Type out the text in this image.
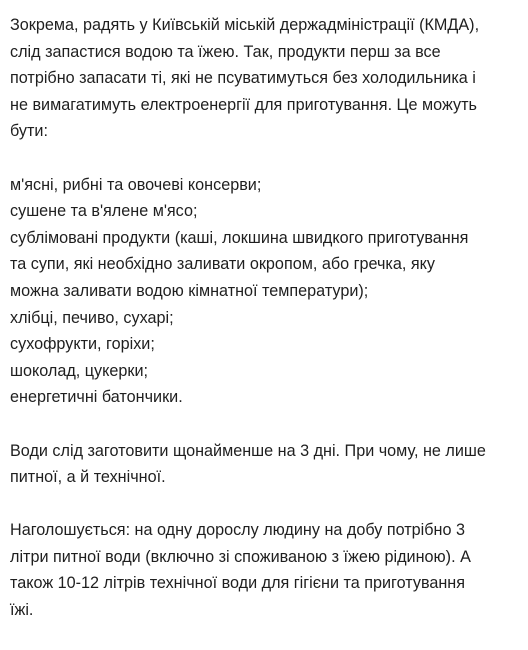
Зокрема, радять у Київській міській держадміністрації (КМДА),
слід запастися водою та їжею. Так, продукти перш за все
потрібно запасати ті, які не псуватимуться без холодильника і
не вимагатимуть електроенергії для приготування. Це можуть
бути:

м'ясні, рибні та овочеві консерви;
сушене та в'ялене м'ясо;
сублімовані продукти (каші, локшина швидкого приготування
та супи, які необхідно заливати окропом, або гречка, яку
можна заливати водою кімнатної температури);
хлібці, печиво, сухарі;
сухофрукти, горіхи;
шоколад, цукерки;
енергетичні батончики.

Води слід заготовити щонайменше на 3 дні. При чому, не лише
питної, а й технічної.

Наголошується: на одну дорослу людину на добу потрібно 3
літри питної води (включно зі споживаною з їжею рідиною). А
також 10-12 літрів технічної води для гігієни та приготування
їжі.
